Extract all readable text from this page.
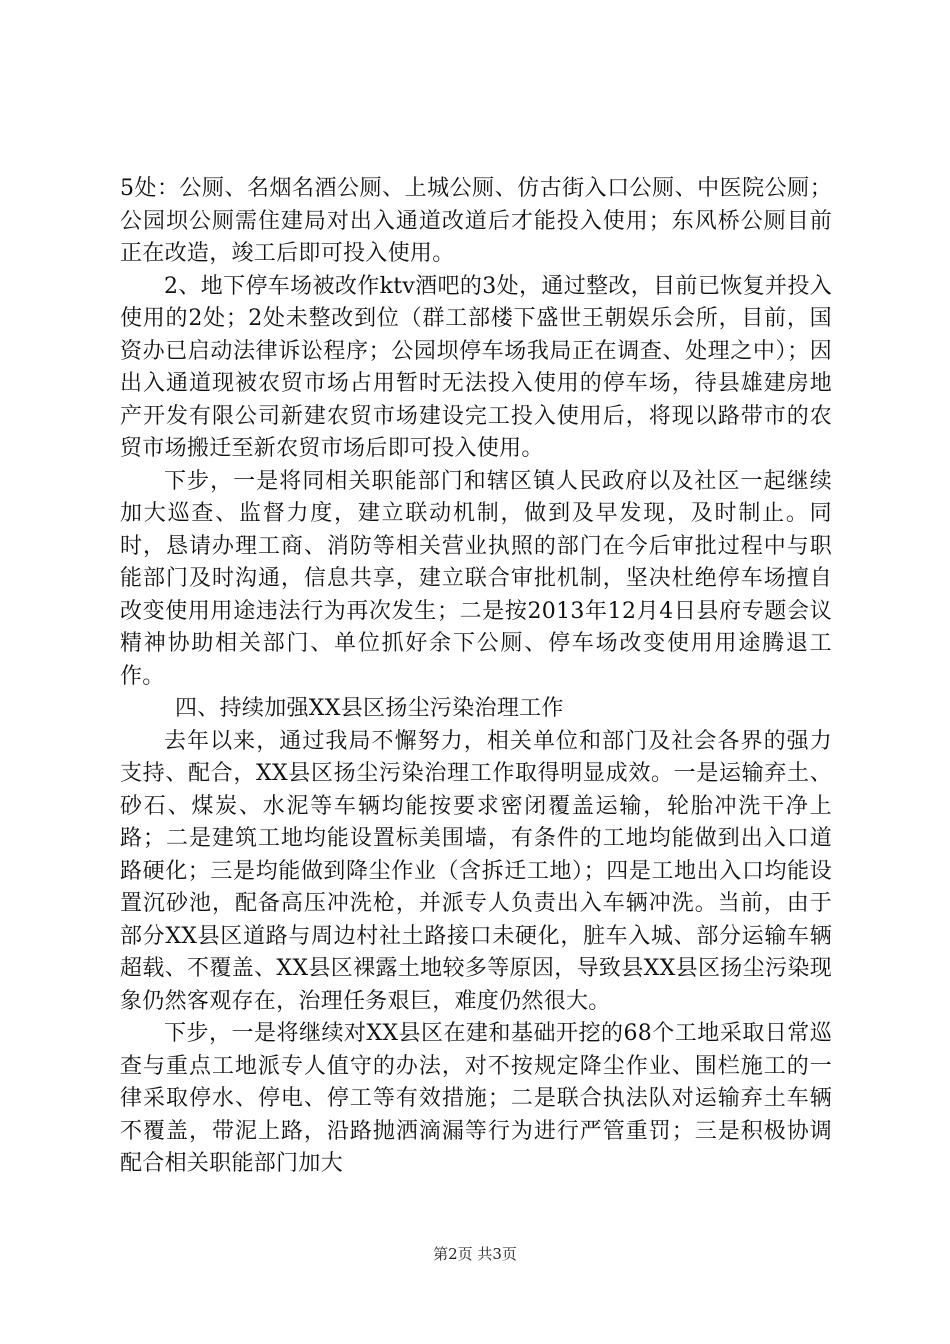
5处：公厕、名烟名酒公厕、上城公厕、仿古街入口公厕、中医院公厕；公园坝公厕需住建局对出入通道改道后才能投入使用；东风桥公厕目前正在改造，竣工后即可投入使用。

2、地下停车场被改作ktv酒吧的3处，通过整改，目前已恢复并投入使用的2处；2处未整改到位（群工部楼下盛世王朝娱乐会所，目前，国资办已启动法律诉讼程序；公园坝停车场我局正在调查、处理之中）；因出入通道现被农贸市场占用暂时无法投入使用的停车场，待县雄建房地产开发有限公司新建农贸市场建设完工投入使用后，将现以路带市的农贸市场搬迁至新农贸市场后即可投入使用。

下步，一是将同相关职能部门和辖区镇人民政府以及社区一起继续加大巡查、监督力度，建立联动机制，做到及早发现，及时制止。同时，恳请办理工商、消防等相关营业执照的部门在今后审批过程中与职能部门及时沟通，信息共享，建立联合审批机制，坚决杜绝停车场擅自改变使用用途违法行为再次发生；二是按2013年12月4日县府专题会议精神协助相关部门、单位抓好余下公厕、停车场改变使用用途腾退工作。

四、持续加强XX县区扬尘污染治理工作

去年以来，通过我局不懈努力，相关单位和部门及社会各界的强力支持、配合，XX县区扬尘污染治理工作取得明显成效。一是运输弃土、砂石、煤炭、水泥等车辆均能按要求密闭覆盖运输，轮胎冲洗干净上路；二是建筑工地均能设置标美围墙，有条件的工地均能做到出入口道路硬化；三是均能做到降尘作业（含拆迁工地）；四是工地出入口均能设置沉砂池，配备高压冲洗枪，并派专人负责出入车辆冲洗。当前，由于部分XX县区道路与周边村社土路接口未硬化，脏车入城、部分运输车辆超载、不覆盖、XX县区裸露土地较多等原因，导致县XX县区扬尘污染现象仍然客观存在，治理任务艰巨，难度仍然很大。

下步，一是将继续对XX县区在建和基础开挖的68个工地采取日常巡查与重点工地派专人值守的办法，对不按规定降尘作业、围栏施工的一律采取停水、停电、停工等有效措施；二是联合执法队对运输弃土车辆不覆盖，带泥上路，沿路抛洒滴漏等行为进行严管重罚；三是积极协调配合相关职能部门加大

第2页 共3页
